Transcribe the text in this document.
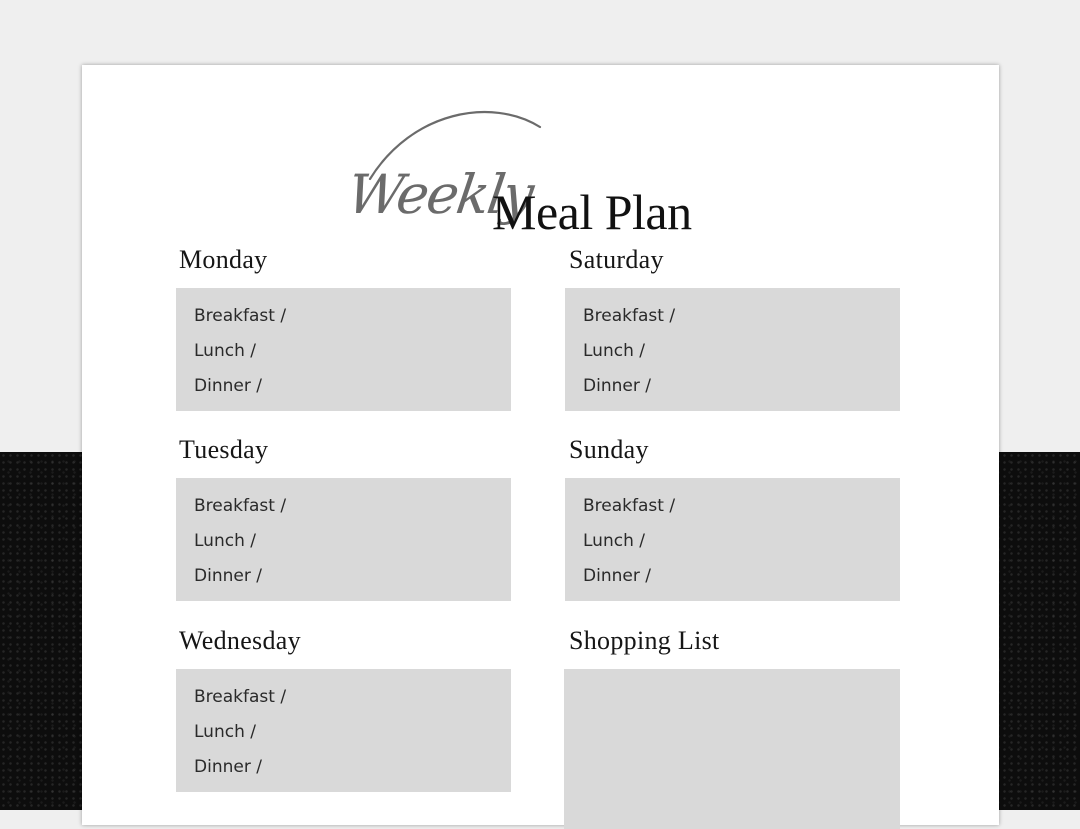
Weekly
Meal Plan
Monday
Breakfast /
Lunch /
Dinner /
Tuesday
Breakfast /
Lunch /
Dinner /
Wednesday
Breakfast /
Lunch /
Dinner /
Saturday
Breakfast /
Lunch /
Dinner /
Sunday
Breakfast /
Lunch /
Dinner /
Shopping List
